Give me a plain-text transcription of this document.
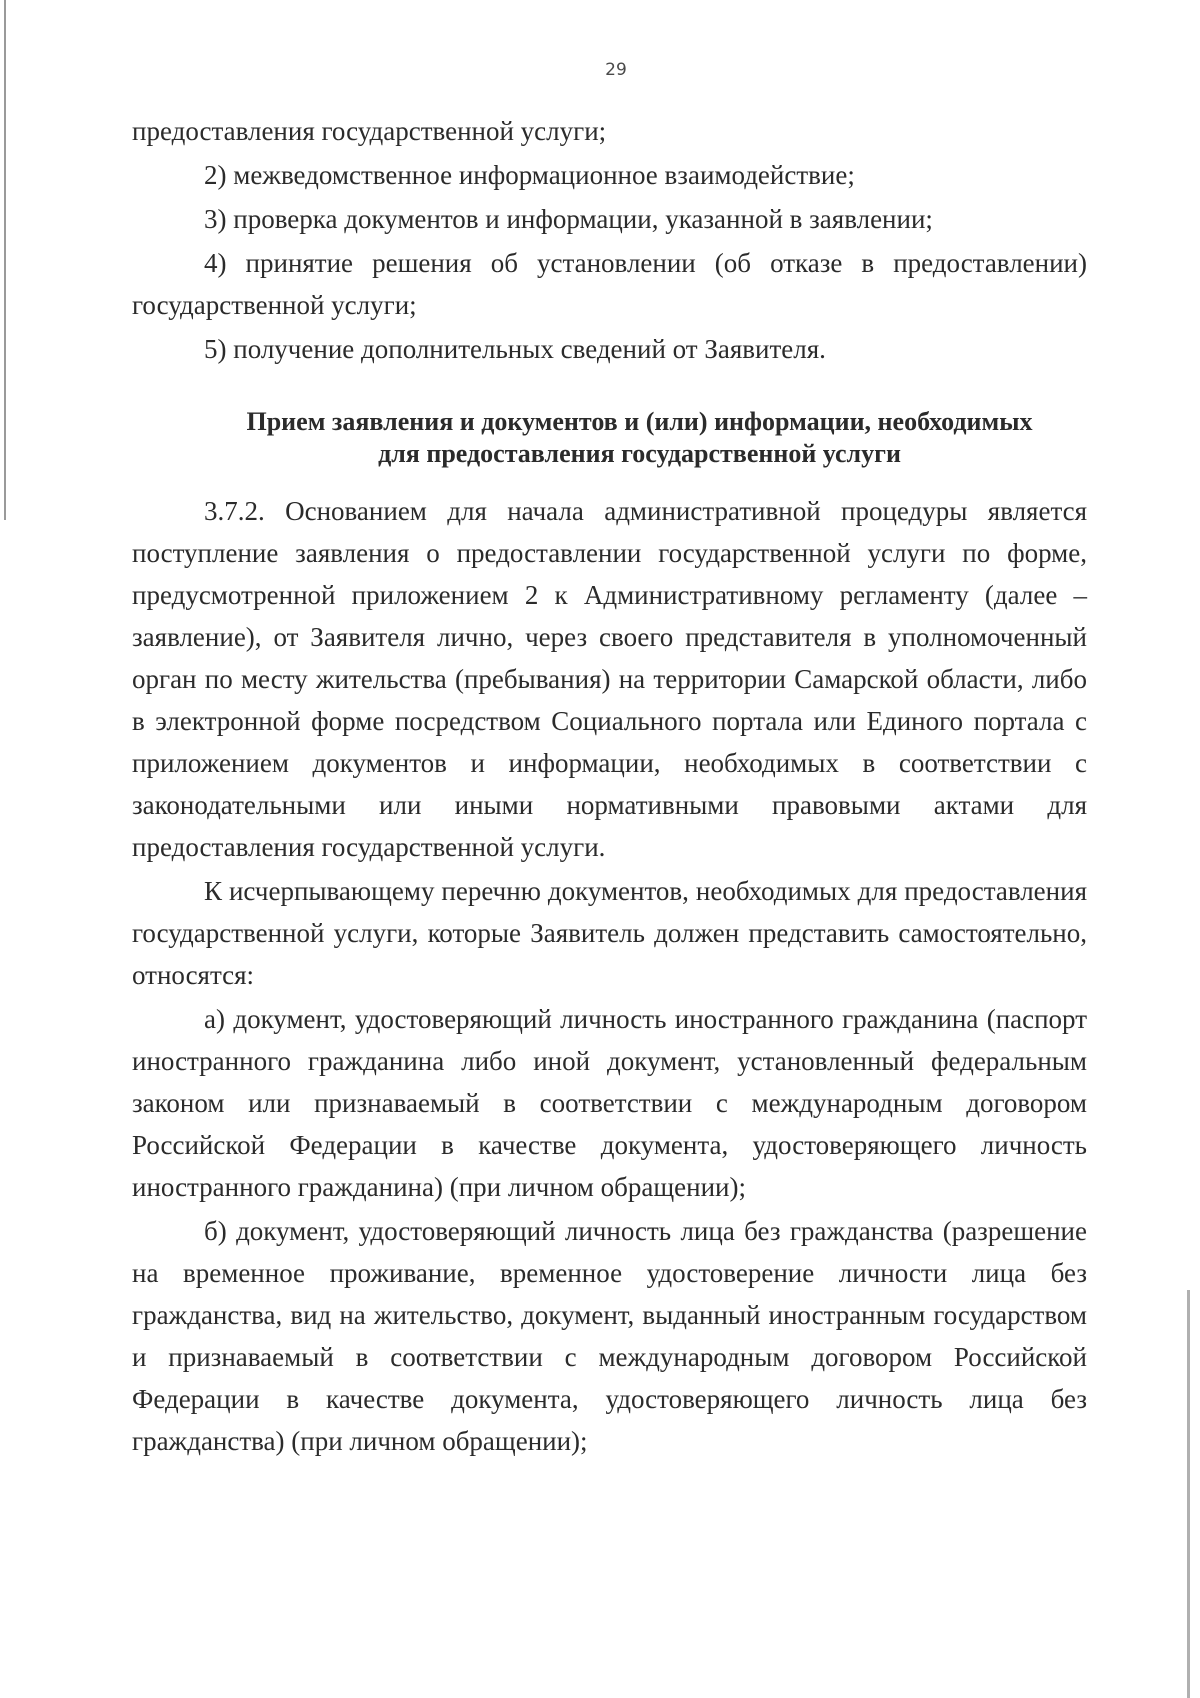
29

предоставления государственной услуги;

2) межведомственное информационное взаимодействие;

3) проверка документов и информации, указанной в заявлении;

4) принятие решения об установлении (об отказе в предоставлении) государственной услуги;

5) получение дополнительных сведений от Заявителя.

Прием заявления и документов и (или) информации, необходимых
для предоставления государственной услуги

3.7.2. Основанием для начала административной процедуры является поступление заявления о предоставлении государственной услуги по форме, предусмотренной приложением 2 к Административному регламенту (далее – заявление), от Заявителя лично, через своего представителя в уполномоченный орган по месту жительства (пребывания) на территории Самарской области, либо в электронной форме посредством Социального портала или Единого портала с приложением документов и информации, необходимых в соответствии с законодательными или иными нормативными правовыми актами для предоставления государственной услуги.

К исчерпывающему перечню документов, необходимых для предоставления государственной услуги, которые Заявитель должен представить самостоятельно, относятся:

а) документ, удостоверяющий личность иностранного гражданина (паспорт иностранного гражданина либо иной документ, установленный федеральным законом или признаваемый в соответствии с международным договором Российской Федерации в качестве документа, удостоверяющего личность иностранного гражданина) (при личном обращении);

б) документ, удостоверяющий личность лица без гражданства (разрешение на временное проживание, временное удостоверение личности лица без гражданства, вид на жительство, документ, выданный иностранным государством и признаваемый в соответствии с международным договором Российской Федерации в качестве документа, удостоверяющего личность лица без гражданства) (при личном обращении);
